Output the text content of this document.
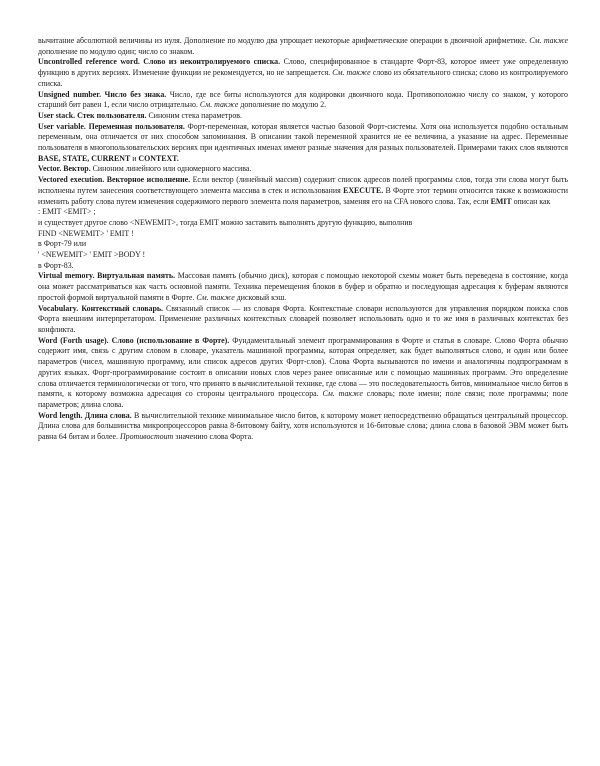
вычитание абсолютной величины из нуля. Дополнение по модулю два упрощает некоторые арифметические операции в двоичной арифметике. См. также дополнение по модулю один; число со знаком.

Uncontrolled reference word. Слово из неконтролируемого списка. Слово, специфированное в стандарте Форт-83, которое имеет уже определенную функцию в других версиях. Изменение функции не рекомендуется, но не запрещается. См. также слово из обязательного списка; слово из контролируемого списка.

Unsigned number. Число без знака. Число, где все биты используются для кодировки двоичного кода. Противоположно числу со знаком, у которого старший бит равен 1, если число отрицательно. См. также дополнение по модулю 2.

User stack. Стек пользователя. Синоним стека параметров.

User variable. Переменная пользователя. Форт-переменная, которая является частью базовой Форт-системы. Хотя она используется подобно остальным переменным, она отличается от них способом запоминания. В описании такой переменной хранится не ее величина, а указание на адрес. Переменные пользователя в многопользовательских версиях при идентичных именах имеют разные значения для разных пользователей. Примерами таких слов являются BASE, STATE, CURRENT и CONTEXT.

Vector. Вектор. Синоним линейного или одномерного массива.

Vectored execution. Векторное исполнение. Если вектор (линейный массив) содержит список адресов полей программы слов, тогда эти слова могут быть исполнены путем занесения соответствующего элемента массива в стек и использования EXECUTE. В Форте этот термин относится также к возможности изменить работу слова путем изменения содержимого первого элемента поля параметров, заменяя его на CFA нового слова. Так, если EMIT описан как

: EMIT <EMIT> ;

и существует другое слово <NEWEMIT>, тогда EMIT можно заставить выполнять другую функцию, выполнив

FIND <NEWEMIT> ' EMIT !

в Форт-79 или

' <NEWEMIT> ' EMIT >BODY !

в Форт-83.

Virtual memory. Виртуальная память. Массовая память (обычно диск), которая с помощью некоторой схемы может быть переведена в состояние, когда она может рассматриваться как часть основной памяти. Техника перемещения блоков в буфер и обратно и последующая адресация к буферам являются простой формой виртуальной памяти в Форте. См. также дисковый кэш.

Vocabulary. Контекстный словарь. Связанный список — из словаря Форта. Контекстные словари используются для управления порядком поиска слов Форта внешним интерпретатором. Применение различных контекстных словарей позволяет использовать одно и то же имя в различных контекстах без конфликта.

Word (Forth usage). Слово (использование в Форте). Фундаментальный элемент программирования в Форте и статья в словаре. Слово Форта обычно содержит имя, связь с другим словом в словаре, указатель машинной программы, которая определяет, как будет выполняться слово, и один или более параметров (чисел, машинную программу, или список адресов других Форт-слов). Слова Форта вызываются по имени и аналогичны подпрограммам в других языках. Форт-программирование состоит в описании новых слов через ранее описанные или с помощью машинных программ. Это определение слова отличается терминологически от того, что принято в вычислительной технике, где слова — это последовательность битов, минимальное число битов в памяти, к которому возможна адресация со стороны центрального процессора. См. также словарь; поле имени; поле связи; поле программы; поле параметров; длина слова.

Word length. Длина слова. В вычислительной технике минимальное число битов, к которому может непосредственно обращаться центральный процессор. Длина слова для большинства микропроцессоров равна 8-битовому байту, хотя используются и 16-битовые слова; длина слова в базовой ЭВМ может быть равна 64 битам и более. Противостоит значению слова Форта.
